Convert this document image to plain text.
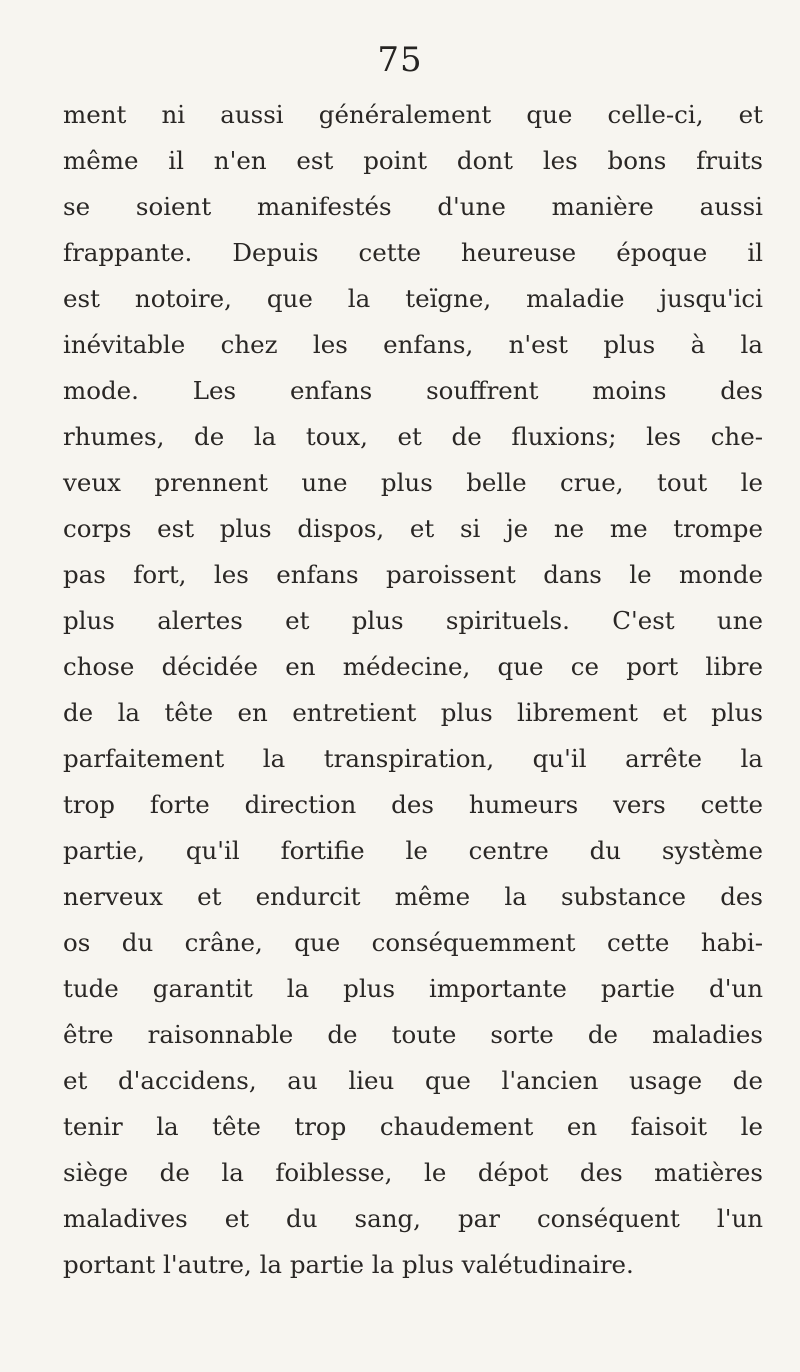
75
ment ni aussi généralement que celle-ci, et
même il n'en est point dont les bons fruits
se soient manifestés d'une manière aussi
frappante. Depuis cette heureuse époque il
est notoire, que la teïgne, maladie jusqu'ici
inévitable chez les enfans, n'est plus à la
mode. Les enfans souffrent moins des
rhumes, de la toux, et de fluxions; les che-
veux prennent une plus belle crue, tout le
corps est plus dispos, et si je ne me trompe
pas fort, les enfans paroissent dans le monde
plus alertes et plus spirituels. C'est une
chose décidée en médecine, que ce port libre
de la tête en entretient plus librement et plus
parfaitement la transpiration, qu'il arrête la
trop forte direction des humeurs vers cette
partie, qu'il fortifie le centre du système
nerveux et endurcit même la substance des
os du crâne, que conséquemment cette habi-
tude garantit la plus importante partie d'un
être raisonnable de toute sorte de maladies
et d'accidens, au lieu que l'ancien usage de
tenir la tête trop chaudement en faisoit le
siège de la foiblesse, le dépot des matières
maladives et du sang, par conséquent l'un
portant l'autre, la partie la plus valétudinaire.
